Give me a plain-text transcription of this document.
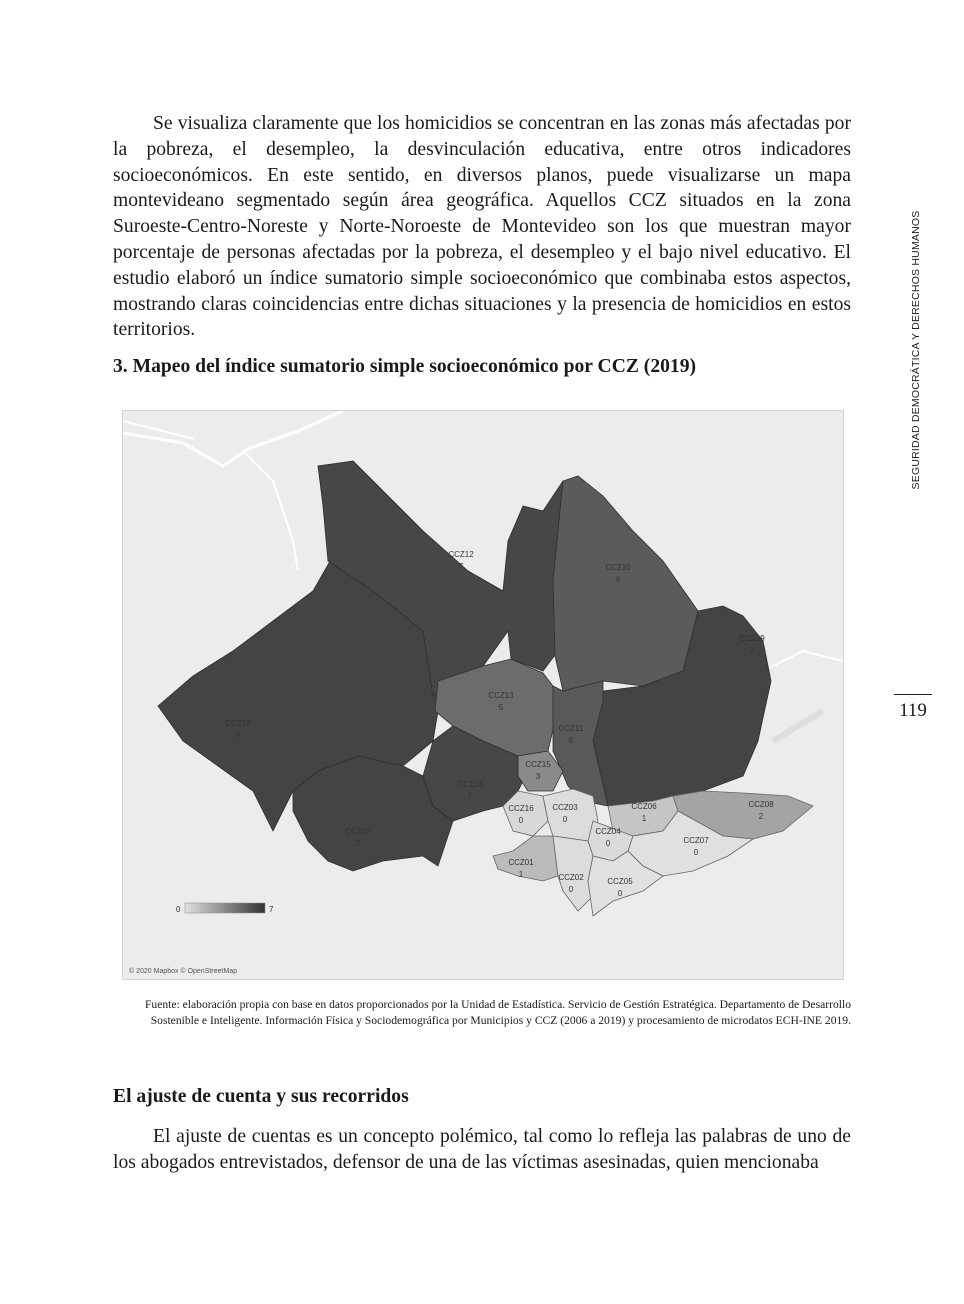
Se visualiza claramente que los homicidios se concentran en las zonas más afectadas por la pobreza, el desempleo, la desvinculación educativa, entre otros indicadores socioeconómicos. En este sentido, en diversos planos, puede visualizarse un mapa montevideano segmentado según área geográfica. Aquellos CCZ situados en la zona Suroeste-Centro-Noreste y Norte-Noroeste de Montevideo son los que muestran mayor porcentaje de personas afectadas por la pobreza, el desempleo y el bajo nivel educativo. El estudio elaboró un índice sumatorio simple socioeconómico que combinaba estos aspectos, mostrando claras coincidencias entre dichas situaciones y la presencia de homicidios en estos territorios.

3. Mapeo del índice sumatorio simple socioeconómico por CCZ (2019)
CCZ12
7	CCZ10
6
CCZ09
7
CCZ13
5
CCZ18
7
CCZ11
6
CCZ15
3
CCZ14
7
CCZ16
0
CCZ03
0
CCZ06
1
CCZ08
2
CCZ17
7
CCZ04
0	CCZ07
0
CCZ01
1	CCZ02
0
CCZ05
0
0	7
© 2020 Mapbox © OpenStreetMap

Fuente: elaboración propia con base en datos proporcionados por la Unidad de Estadística. Servicio de Gestión Estratégica. Departamento de Desarrollo Sostenible e Inteligente. Información Física y Sociodemográfica por Municipios y CCZ (2006 a 2019) y procesamiento de microdatos ECH-INE 2019.

El ajuste de cuenta y sus recorridos

El ajuste de cuentas es un concepto polémico, tal como lo refleja las palabras de uno de los abogados entrevistados, defensor de una de las víctimas asesinadas, quien mencionaba

SEGURIDAD DEMOCRÁTICA Y DERECHOS HUMANOS
119
